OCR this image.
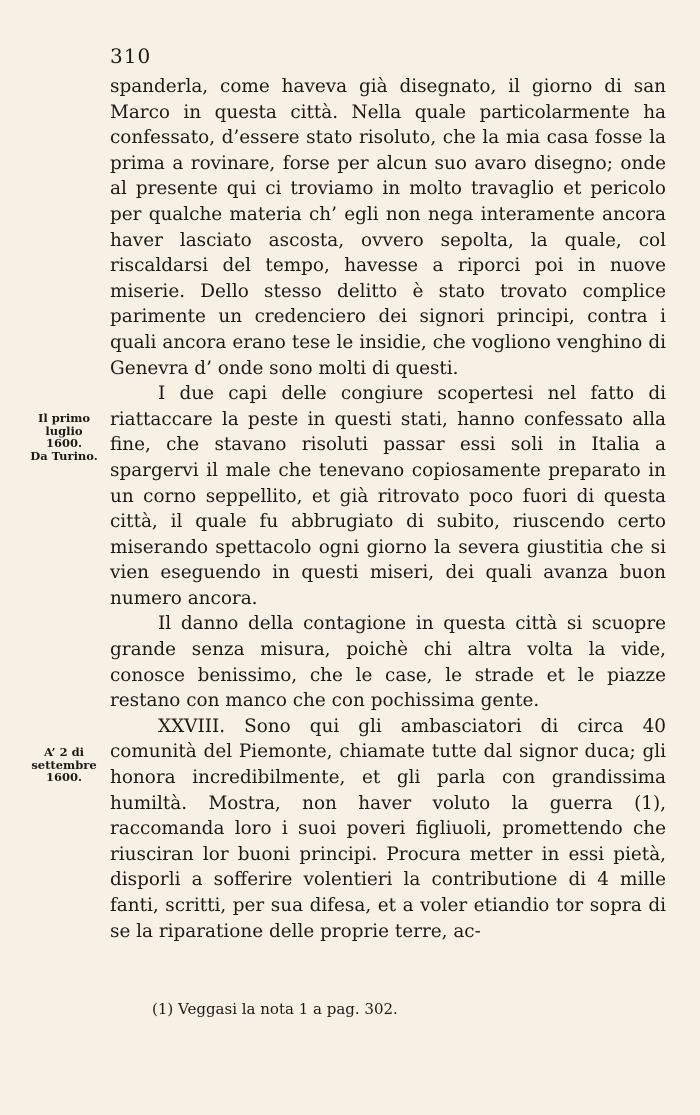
310

spanderla, come haveva già disegnato, il giorno di san Marco in questa città. Nella quale particolarmente ha confessato, d’essere stato risoluto, che la mia casa fosse la prima a rovinare, forse per alcun suo avaro disegno; onde al presente qui ci troviamo in molto travaglio et pericolo per qualche materia ch’ egli non nega interamente ancora haver lasciato ascosta, ovvero sepolta, la quale, col riscaldarsi del tempo, havesse a riporci poi in nuove miserie. Dello stesso delitto è stato trovato complice parimente un credenciero dei signori principi, contra i quali ancora erano tese le insidie, che vogliono venghino di Genevra d’ onde sono molti di questi.

I due capi delle congiure scopertesi nel fatto di riattaccare la peste in questi stati, hanno confessato alla fine, che stavano risoluti passar essi soli in Italia a spargervi il male che tenevano copiosamente preparato in un corno seppellito, et già ritrovato poco fuori di questa città, il quale fu abbrugiato di subito, riuscendo certo miserando spettacolo ogni giorno la severa giustitia che si vien eseguendo in questi miseri, dei quali avanza buon numero ancora.

Il danno della contagione in questa città si scuopre grande senza misura, poichè chi altra volta la vide, conosce benissimo, che le case, le strade et le piazze restano con manco che con pochissima gente.

XXVIII. Sono qui gli ambasciatori di circa 40 comunità del Piemonte, chiamate tutte dal signor duca; gli honora incredibilmente, et gli parla con grandissima humiltà. Mostra, non haver voluto la guerra (1), raccomanda loro i suoi poveri figliuoli, promettendo che riusciran lor buoni principi. Procura metter in essi pietà, disporli a sofferire volentieri la contributione di 4 mille fanti, scritti, per sua difesa, et a voler etiandio tor sopra di se la riparatione delle proprie terre, ac-

Il primo
luglio
1600.
Da Turino.
A’ 2 di
settembre
1600.
(1) Veggasi la nota 1 a pag. 302.
